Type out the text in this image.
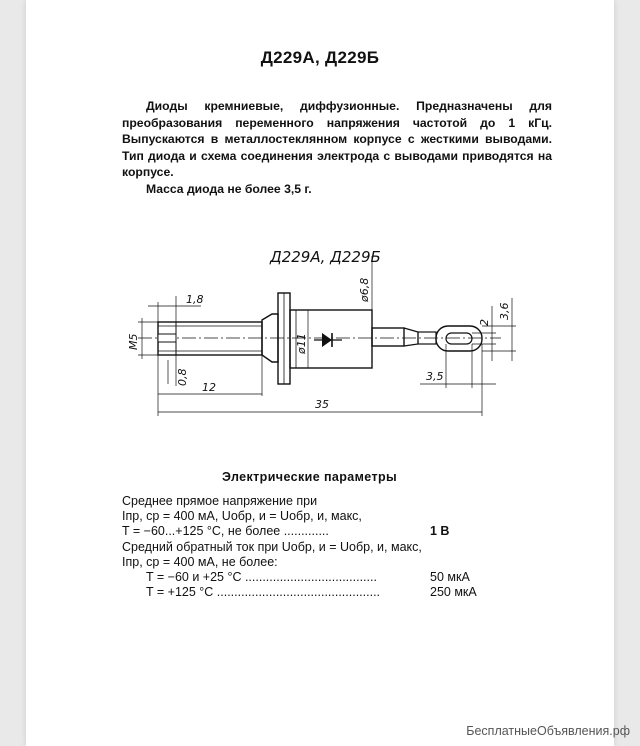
Д229А, Д229Б

Диоды кремниевые, диффузионные. Предназначены для преобразования переменного напряжения частотой до 1 кГц. Выпускаются в металлостеклянном корпусе с жесткими выводами. Тип диода и схема соединения электрода с выводами приводятся на корпусе.

Масса диода не более 3,5 г.

Д229А, Д229Б
1,8
M5
0,8
12
35
ø6,8
ø11
3,5
2
3,6
Электрические параметры
Среднее прямое напряжение при
Iпр, ср = 400 мА, Uобр, и = Uобр, и, макс,
T = −60...+125 °С, не более .............	1 В
Средний обратный ток при Uобр, и = Uобр, и, макс,
Iпр, ср = 400 мА, не более:
T = −60 и +25 °С ......................................	50 мкА
T = +125 °С ...............................................	250 мкА
БесплатныеОбъявления.рф
